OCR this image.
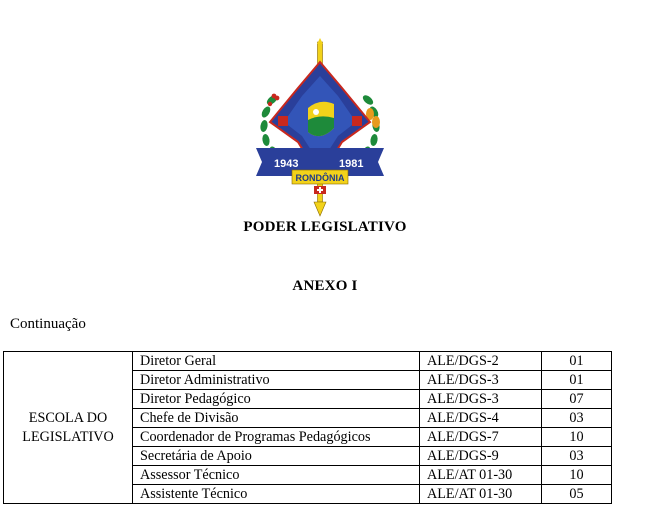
1943	1981
RONDÔNIA
PODER LEGISLATIVO
ANEXO I
Continuação
ESCOLA DO
LEGISLATIVO	Diretor Geral	ALE/DGS-2	01
	Diretor Administrativo	ALE/DGS-3	01
	Diretor Pedagógico	ALE/DGS-3	07
	Chefe de Divisão	ALE/DGS-4	03
	Coordenador de Programas Pedagógicos	ALE/DGS-7	10
	Secretária de Apoio	ALE/DGS-9	03
	Assessor Técnico	ALE/AT 01-30	10
	Assistente Técnico	ALE/AT 01-30	05
